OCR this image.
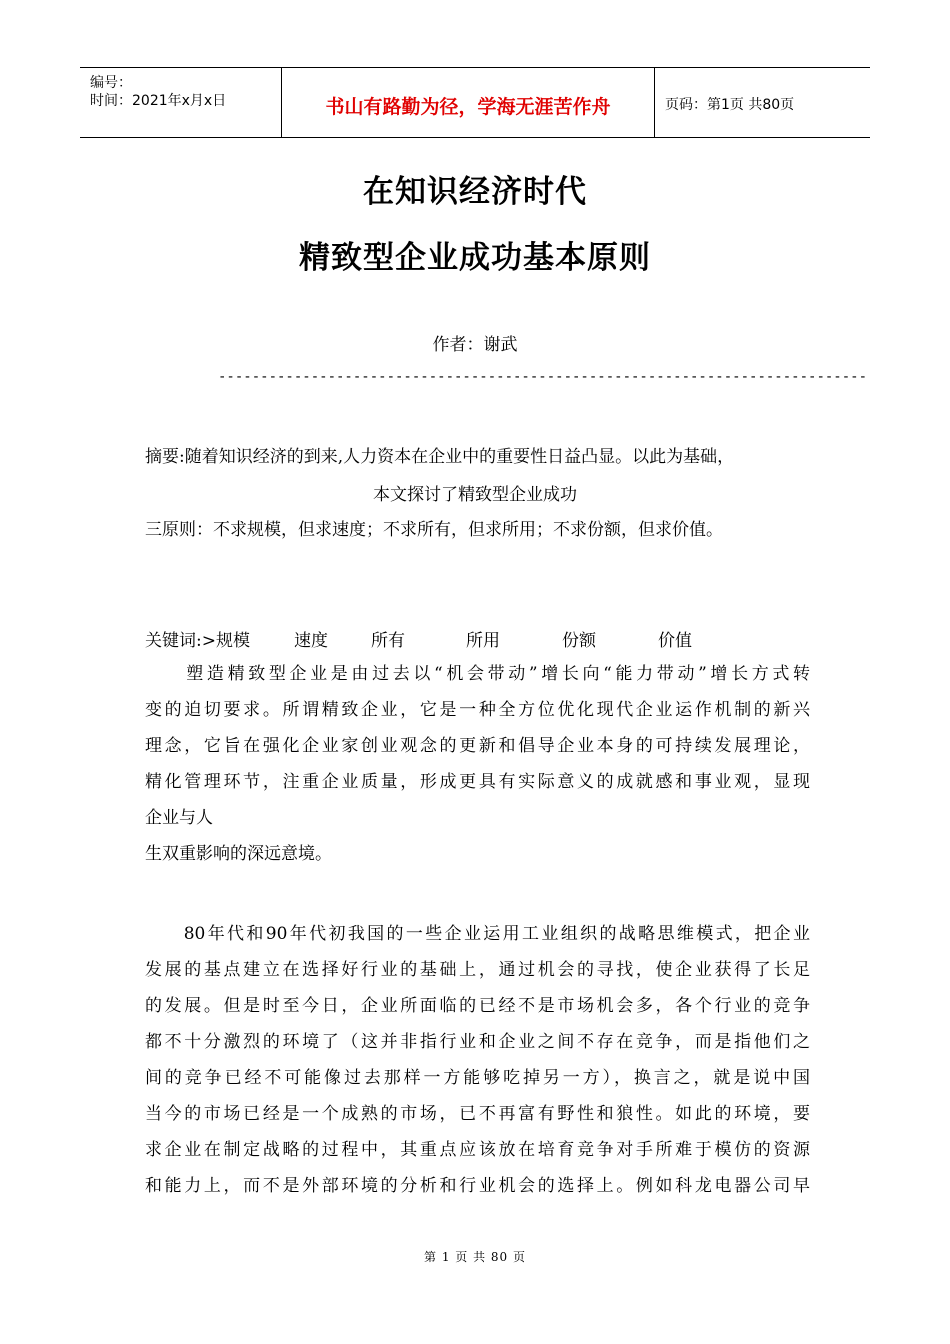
编号：
时间：2021年x月x日	书山有路勤为径，学海无涯苦作舟	页码：第1页 共80页
在知识经济时代
精致型企业成功基本原则
作者：谢武
-----------------------------------------------------------------------------
摘要:随着知识经济的到来,人力资本在企业中的重要性日益凸显。以此为基础，
本文探讨了精致型企业成功
三原则：不求规模，但求速度；不求所有，但求所用；不求份额，但求价值。
关键词:>规模	速度	所有	所用	份额	价值
　　塑造精致型企业是由过去以“机会带动”增长向“能力带动”增长方式转
变的迫切要求。所谓精致企业，它是一种全方位优化现代企业运作机制的新兴
理念，它旨在强化企业家创业观念的更新和倡导企业本身的可持续发展理论，
精化管理环节，注重企业质量，形成更具有实际意义的成就感和事业观，显现
企业与人
生双重影响的深远意境。
　　80年代和90年代初我国的一些企业运用工业组织的战略思维模式，把企业
发展的基点建立在选择好行业的基础上，通过机会的寻找，使企业获得了长足
的发展。但是时至今日，企业所面临的已经不是市场机会多，各个行业的竞争
都不十分激烈的环境了（这并非指行业和企业之间不存在竞争，而是指他们之
间的竞争已经不可能像过去那样一方能够吃掉另一方），换言之，就是说中国
当今的市场已经是一个成熟的市场，已不再富有野性和狼性。如此的环境，要
求企业在制定战略的过程中，其重点应该放在培育竞争对手所难于模仿的资源
和能力上，而不是外部环境的分析和行业机会的选择上。例如科龙电器公司早
第 1 页 共 80 页
